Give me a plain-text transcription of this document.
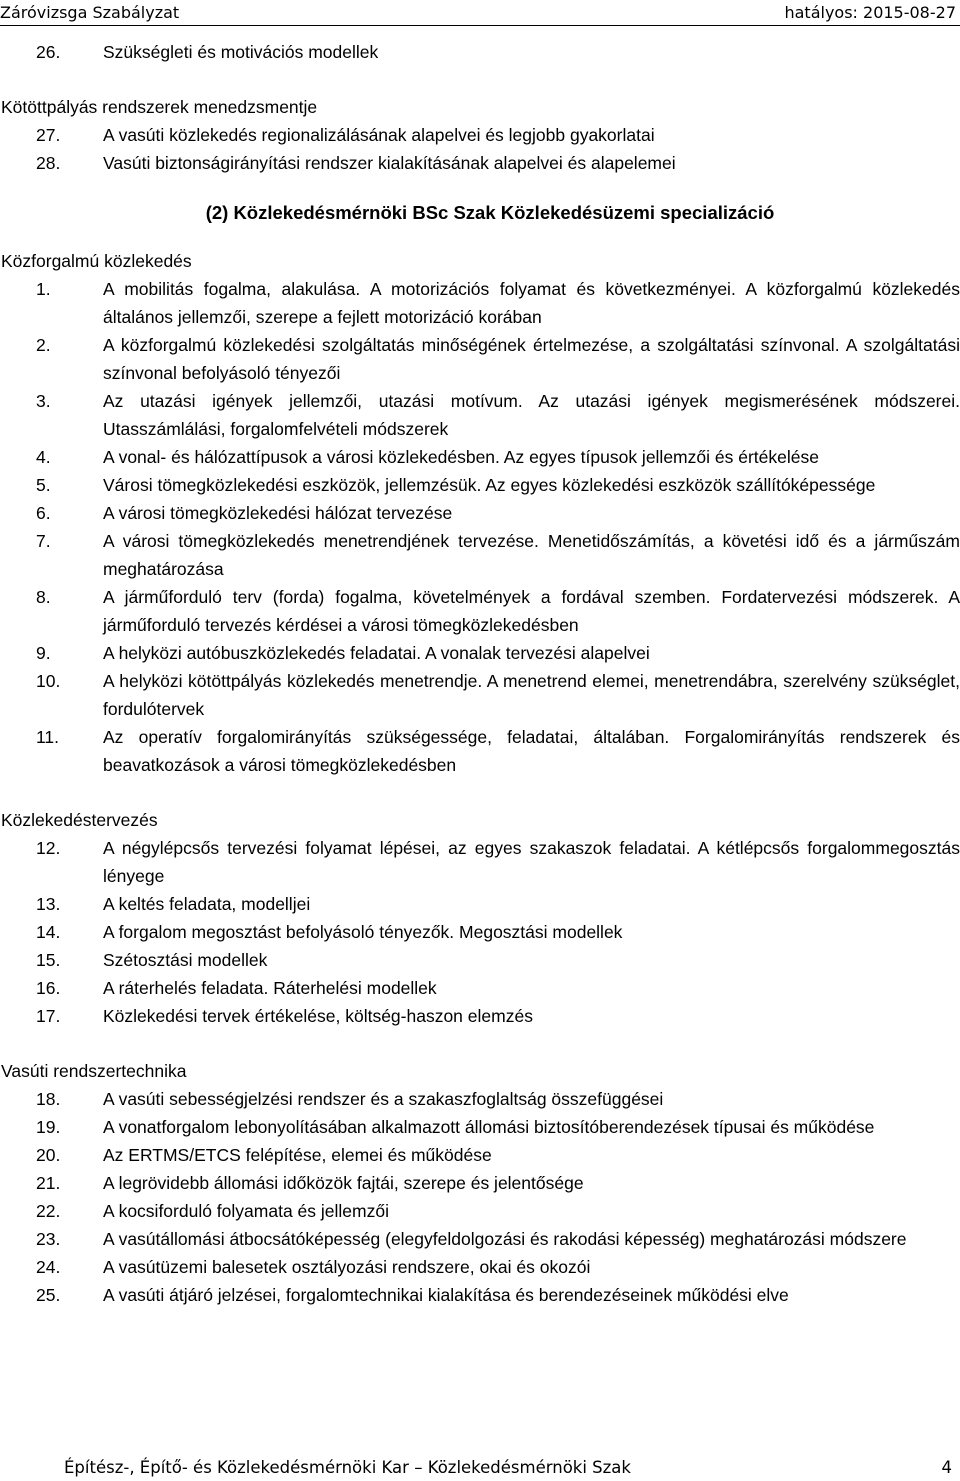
Záróvizsga Szabályzat	hatályos: 2015-08-27
26. Szükségleti és motivációs modellek
Kötöttpályás rendszerek menedzsmentje
27. A vasúti közlekedés regionalizálásának alapelvei és legjobb gyakorlatai
28. Vasúti biztonságirányítási rendszer kialakításának alapelvei és alapelemei
(2) Közlekedésmérnöki BSc Szak Közlekedésüzemi specializáció
Közforgalmú közlekedés
1.	A mobilitás fogalma, alakulása. A motorizációs folyamat és következményei. A közforgalmú közlekedés általános jellemzői, szerepe a fejlett motorizáció korában
2.	A közforgalmú közlekedési szolgáltatás minőségének értelmezése, a szolgáltatási színvonal. A szolgáltatási színvonal befolyásoló tényezői
3.	Az utazási igények jellemzői, utazási motívum. Az utazási igények megismerésének módszerei. Utasszámlálási, forgalomfelvételi módszerek
4.	A vonal- és hálózattípusok a városi közlekedésben. Az egyes típusok jellemzői és értékelése
5.	Városi tömegközlekedési eszközök, jellemzésük. Az egyes közlekedési eszközök szállítóképessége
6.	A városi tömegközlekedési hálózat tervezése
7.	A városi tömegközlekedés menetrendjének tervezése. Menetidőszámítás, a követési idő és a járműszám meghatározása
8.	A járműforduló terv (forda) fogalma, követelmények a fordával szemben. Fordatervezési módszerek. A járműforduló tervezés kérdései a városi tömegközlekedésben
9.	A helyközi autóbuszközlekedés feladatai. A vonalak tervezési alapelvei
10. A helyközi kötöttpályás közlekedés menetrendje. A menetrend elemei, menetrendábra, szerelvény szükséglet, fordulótervek
11.	Az operatív forgalomirányítás szükségessége, feladatai, általában. Forgalomirányítás rendszerek és beavatkozások a városi tömegközlekedésben
Közlekedéstervezés
12. A négylépcsős tervezési folyamat lépései, az egyes szakaszok feladatai. A kétlépcsős forgalommegosztás lényege
13. A keltés feladata, modelljei
14. A forgalom megosztást befolyásoló tényezők. Megosztási modellek
15. Szétosztási modellek
16. A ráterhelés feladata. Ráterhelési modellek
17. Közlekedési tervek értékelése, költség-haszon elemzés
Vasúti rendszertechnika
18. A vasúti sebességjelzési rendszer és a szakaszfoglaltság összefüggései
19. A vonatforgalom lebonyolításában alkalmazott állomási biztosítóberendezések típusai és működése
20. Az ERTMS/ETCS felépítése, elemei és működése
21. A legrövidebb állomási időközök fajtái, szerepe és jelentősége
22. A kocsiforduló folyamata és jellemzői
23. A vasútállomási átbocsátóképesség (elegyfeldolgozási és rakodási képesség) meghatározási módszere
24. A vasútüzemi balesetek osztályozási rendszere, okai és okozói
25. A vasúti átjáró jelzései, forgalomtechnikai kialakítása és berendezéseinek működési elve
Építész-, Építő- és Közlekedésmérnöki Kar – Közlekedésmérnöki Szak	4
